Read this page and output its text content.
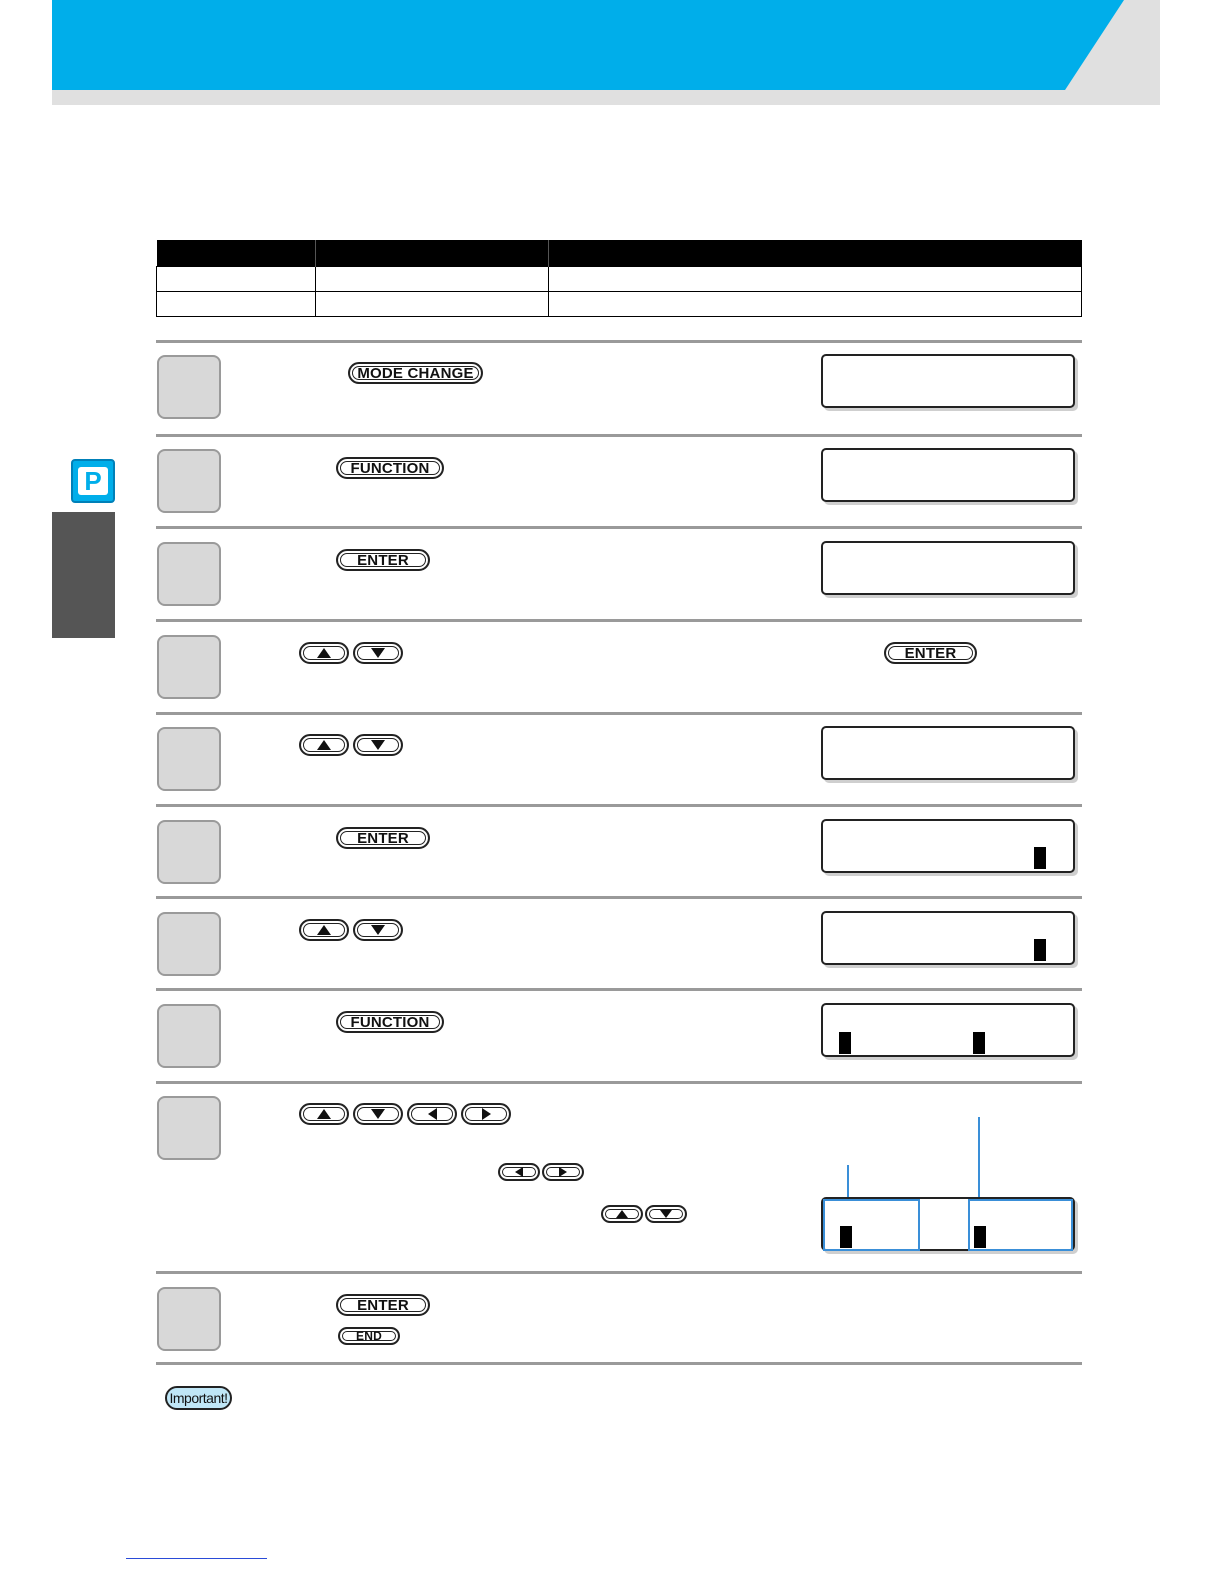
P

MODE CHANGE
FUNCTION
ENTER
ENTER
ENTER
FUNCTION
ENTER
END
Important!
